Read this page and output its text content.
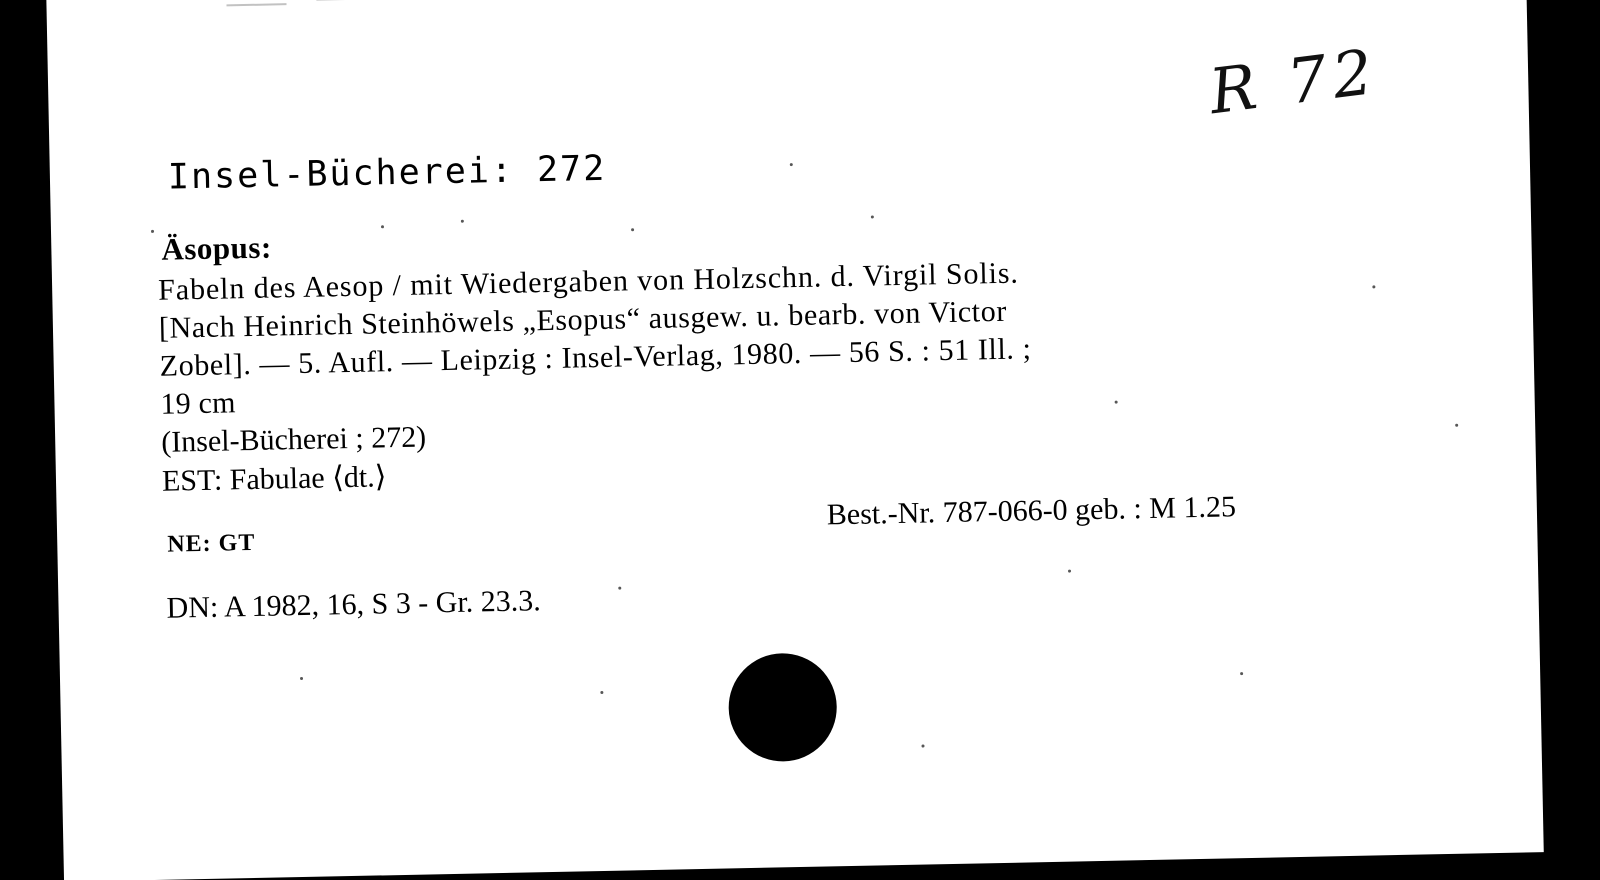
R 72
Insel-Bücherei: 272
Äsopus:
Fabeln des Aesop / mit Wiedergaben von Holzschn. d. Virgil Solis.
[Nach Heinrich Steinhöwels „Esopus“ ausgew. u. bearb. von Victor
Zobel]. — 5. Aufl. — Leipzig : Insel-Verlag, 1980. — 56 S. : 51 Ill. ;
19 cm
(Insel-Bücherei ; 272)
EST: Fabulae ⟨dt.⟩
NE: GT
Best.-Nr. 787-066-0 geb. : M 1.25
DN: A 1982, 16, S 3 - Gr. 23.3.
